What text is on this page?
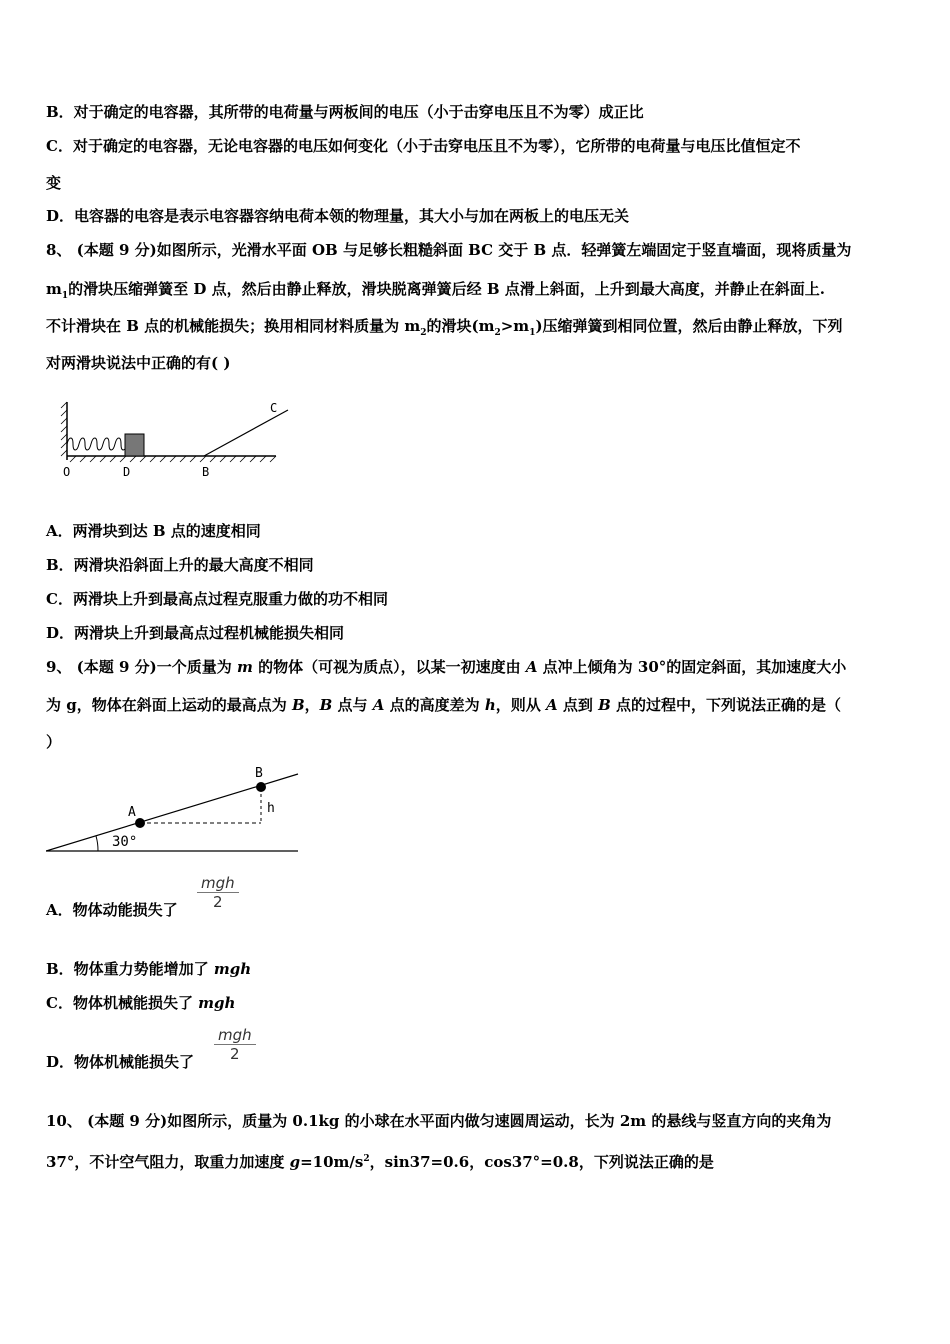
B．对于确定的电容器，其所带的电荷量与两板间的电压（小于击穿电压且不为零）成正比
C．对于确定的电容器，无论电容器的电压如何变化（小于击穿电压且不为零），它所带的电荷量与电压比值恒定不
变
D．电容器的电容是表示电容器容纳电荷本领的物理量，其大小与加在两板上的电压无关
8、 (本题 9 分)如图所示，光滑水平面 OB 与足够长粗糙斜面 BC 交于 B 点．轻弹簧左端固定于竖直墙面，现将质量为
$m_1$的滑块压缩弹簧至 D 点，然后由静止释放，滑块脱离弹簧后经 B 点滑上斜面，上升到最大高度，并静止在斜面上.
不计滑块在 B 点的机械能损失；换用相同材料质量为 $m_2$的滑块$(m_2>m_1)$压缩弹簧到相同位置，然后由静止释放，下列
对两滑块说法中正确的有( )
O	D	B
C
A．两滑块到达 B 点的速度相同
B．两滑块沿斜面上升的最大高度不相同
C．两滑块上升到最高点过程克服重力做的功不相同
D．两滑块上升到最高点过程机械能损失相同
9、 (本题 9 分)一个质量为 m 的物体（可视为质点），以某一初速度由 A 点冲上倾角为 30°的固定斜面，其加速度大小
为 g，物体在斜面上运动的最高点为 B，B 点与 A 点的高度差为 h，则从 A 点到 B 点的过程中，下列说法正确的是（
）
A
B
h
30°
A．物体动能损失了
mgh
2
B．物体重力势能增加了 mgh
C．物体机械能损失了 mgh
D．物体机械能损失了
mgh
2
10、 (本题 9 分)如图所示，质量为 0.1kg 的小球在水平面内做匀速圆周运动，长为 2m 的悬线与竖直方向的夹角为
37°，不计空气阻力，取重力加速度 $g=10m/s^2$，sin37=0.6，cos37°=0.8，下列说法正确的是
